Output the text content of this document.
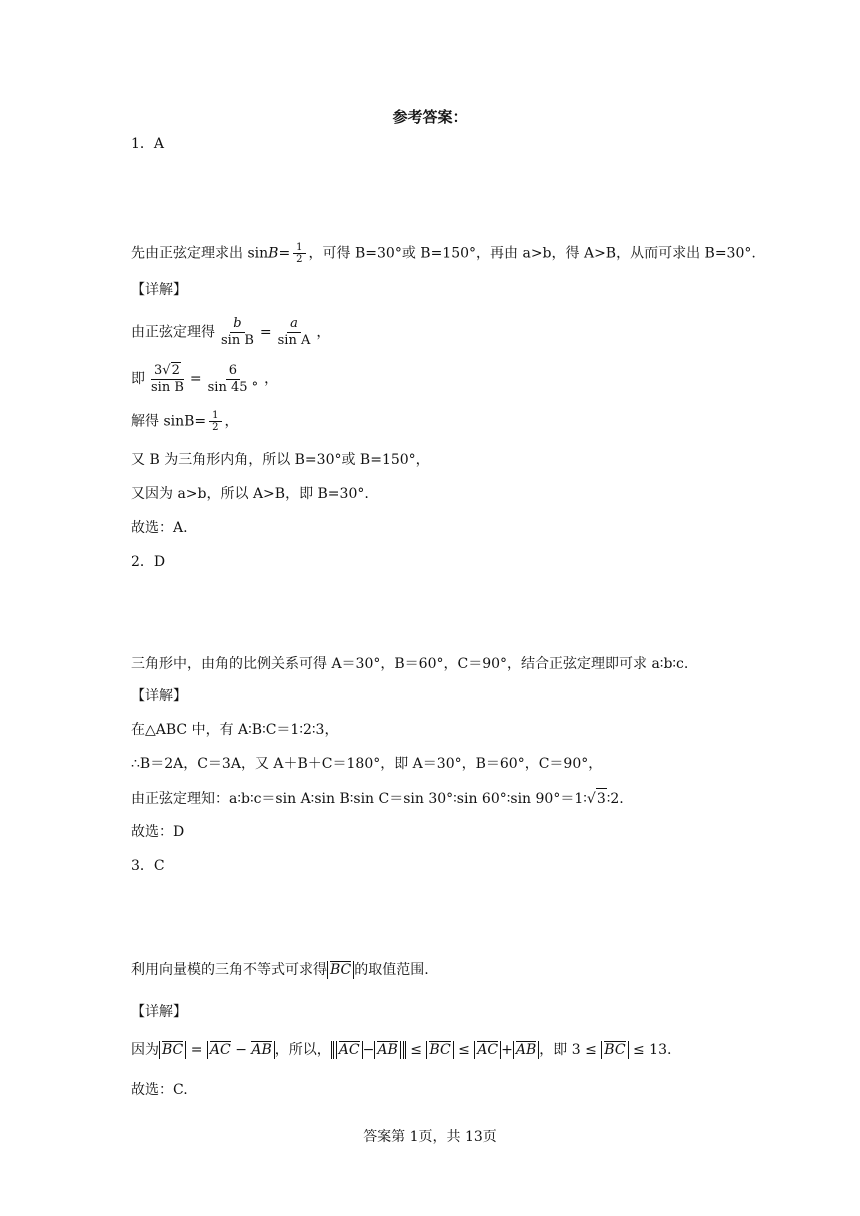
参考答案：
1．A
先由正弦定理求出 $\sin B= \frac{1}{2}$ ，可得 B=30°或 B=150°，再由 a>b，得 A>B，从而可求出 B=30°.
【详解】
由正弦定理得 $\frac{b}{\text{sin B}} = \frac{a}{\text{sin A}}$ ，
即 $\frac{3√2}{\text{sin B}} = \frac{6}{\sin 45 ^\circ}$ ，
解得 $\sin B= \frac{1}{2}$ ，
又 B 为三角形内角，所以 B=30°或 B=150°，
又因为 a>b，所以 A>B，即 B=30°.
故选：A.
2．D
三角形中，由角的比例关系可得 A＝30°，B＝60°，C＝90°，结合正弦定理即可求 a∶b∶c.
【详解】
在△ABC 中，有 A∶B∶C＝1∶2∶3，
∴B＝2A，C＝3A，又 A＋B＋C＝180°，即 A＝30°，B＝60°，C＝90°，
由正弦定理知：a∶b∶c＝sin A∶sin B∶sin C＝sin 30°∶sin 60°∶sin 90°＝1∶√3∶2.
故选：D
3．C
利用向量模的三角不等式可求得 BC 的取值范围.
【详解】
因为 BC = AC − AB ，所以， AC − AB ≤ BC ≤ AC + AB ，即 3 ≤ BC ≤ 13.
故选：C.
答案第 1页，共 13页
